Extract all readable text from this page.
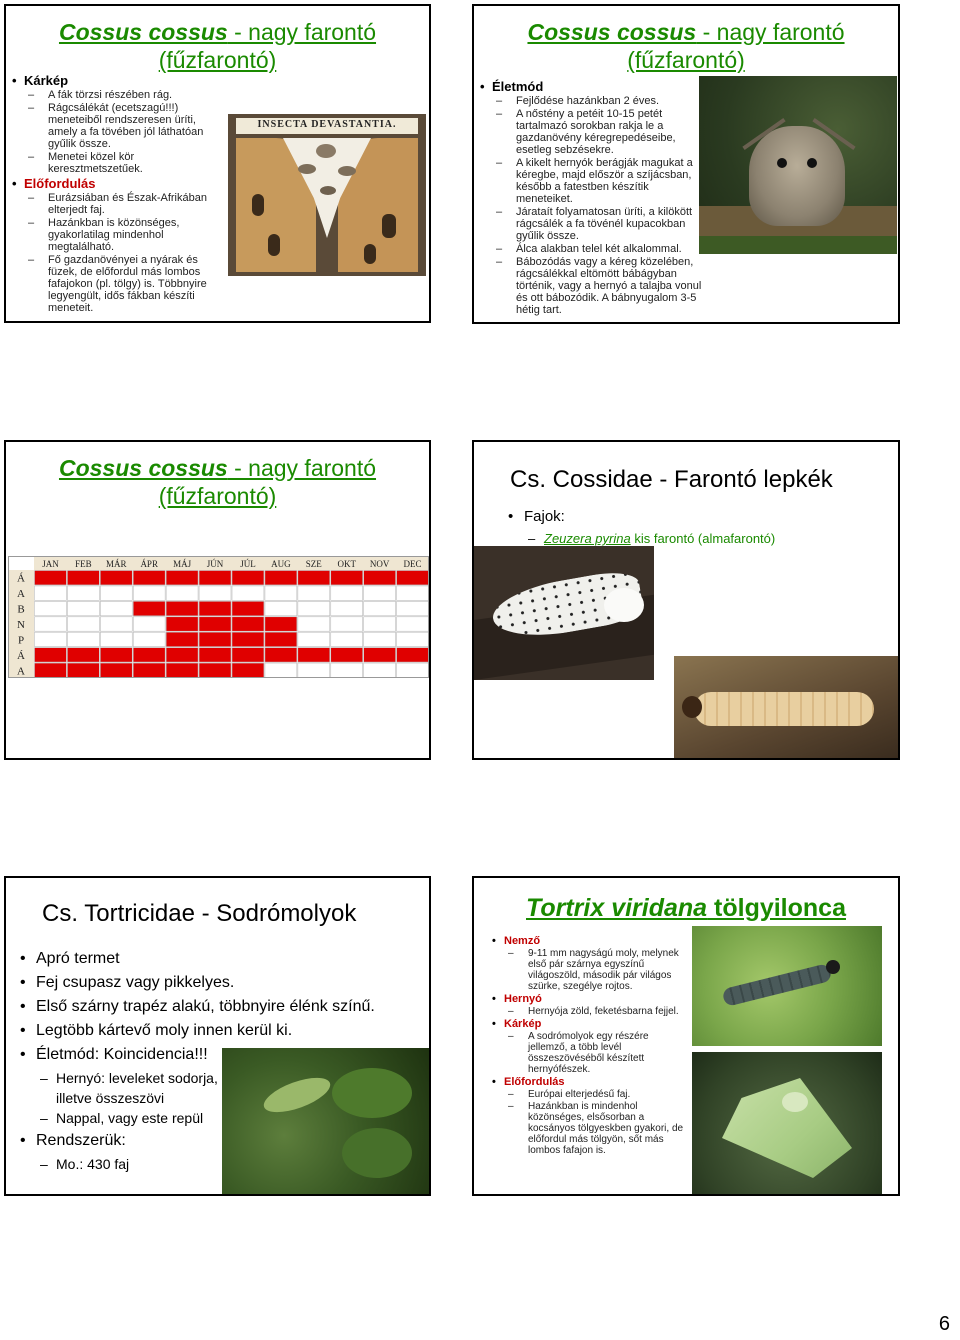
Cossus cossus - nagy farontó
(fűzfarontó)
• Kárkép
– A fák törzsi részében rág.
– Rágcsálékát (ecetszagú!!!) meneteiből rendszeresen üríti, amely a fa tövében jól láthatóan gyűlik össze.
– Menetei közel kör keresztmetszetűek.
• Előfordulás
– Eurázsiában és Észak-Afrikában elterjedt faj.
– Hazánkban is közönséges, gyakorlatilag mindenhol megtalálható.
– Fő gazdanövényei a nyárak és füzek, de előfordul más lombos fafajokon (pl. tölgy) is. Többnyire legyengült, idős fákban készíti meneteit.
INSECTA DEVASTANTIA.
Cossus cossus - nagy farontó
(fűzfarontó)
• Életmód
– Fejlődése hazánkban 2 éves.
– A nőstény a petéit 10-15 petét tartalmazó sorokban rakja le a gazdanövény kéregrepedéseibe, esetleg sebzésekre.
– A kikelt hernyók berágják magukat a kéregbe, majd először a szíjácsban, később a fatestben készítik meneteiket.
– Járataít folyamatosan üríti, a kilökött rágcsálék a fa tövénél kupacokban gyűlik össze.
– Álca alakban telel két alkalommal.
– Bábozódás vagy a kéreg közelében, rágcsálékkal eltömött bábágyban történik, vagy a hernyó a talajba vonul és ott bábozódik. A bábnyugalom 3-5 hétig tart.
Cossus cossus - nagy farontó
(fűzfarontó)
JAN FEB MÁR ÁPR MÁJ JÚN JÚL AUG SZE OKT NOV DEC
Á
A
B
N
P
Á
A
Cs. Cossidae - Farontó lepkék
• Fajok:
– Zeuzera pyrina kis farontó (almafarontó)
Cs. Tortricidae - Sodrómolyok
• Apró termet
• Fej csupasz vagy pikkelyes.
• Első szárny trapéz alakú, többnyire élénk színű.
• Legtöbb kártevő moly innen kerül ki.
• Életmód: Koincidencia!!!
– Hernyó: leveleket sodorja,
illetve összeszövi
– Nappal, vagy este repül
• Rendszerük:
– Mo.: 430 faj
Tortrix viridana tölgyilonca
• Nemző
– 9-11 mm nagyságú moly, melynek első pár szárnya egyszínű világoszöld, második pár világos szürke, szegélye rojtos.
• Hernyó
– Hernyója zöld, feketésbarna fejjel.
• Kárkép
– A sodrómolyok egy részére jellemző, a több levél összeszövéséből készített hernyófészek.
• Előfordulás
– Európai elterjedésű faj.
– Hazánkban is mindenhol közönséges, elsősorban a kocsányos tölgyeskben gyakori, de előfordul más tölgyön, sőt más lombos fafajon is.
6
